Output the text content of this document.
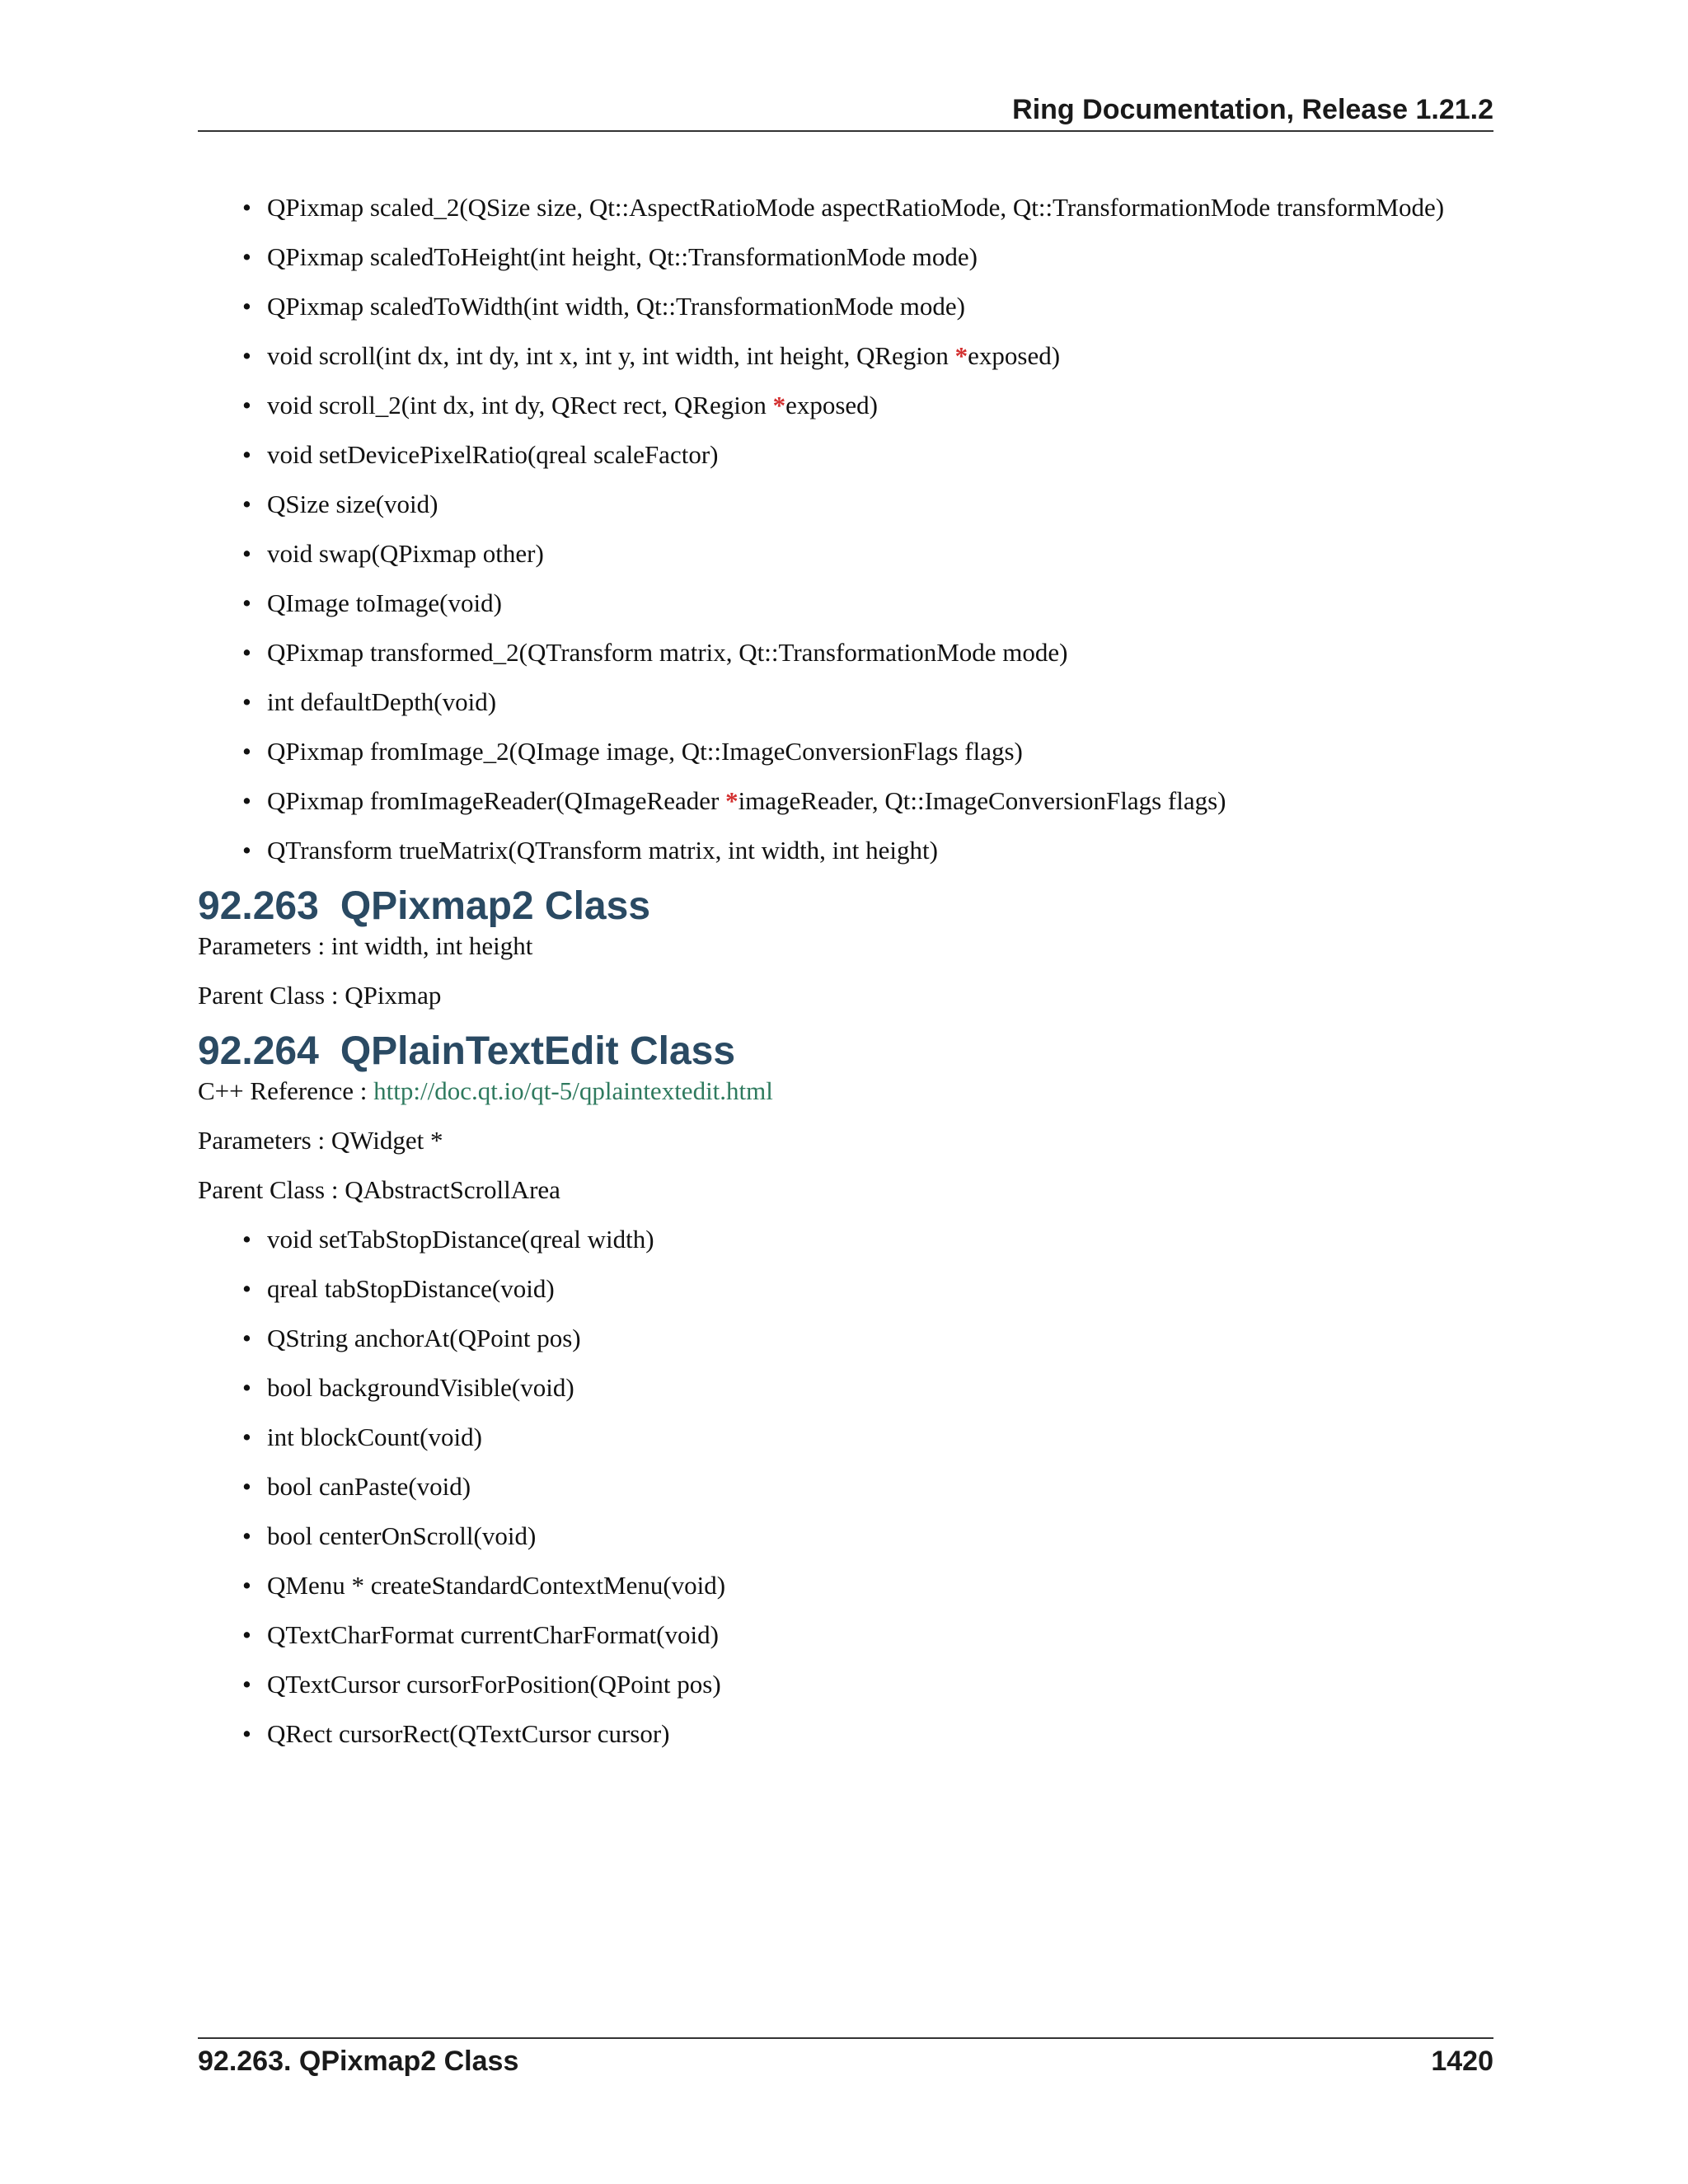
Ring Documentation, Release 1.21.2
• QPixmap scaled_2(QSize size, Qt::AspectRatioMode aspectRatioMode, Qt::TransformationMode transformMode)
• QPixmap scaledToHeight(int height, Qt::TransformationMode mode)
• QPixmap scaledToWidth(int width, Qt::TransformationMode mode)
• void scroll(int dx, int dy, int x, int y, int width, int height, QRegion *exposed)
• void scroll_2(int dx, int dy, QRect rect, QRegion *exposed)
• void setDevicePixelRatio(qreal scaleFactor)
• QSize size(void)
• void swap(QPixmap other)
• QImage toImage(void)
• QPixmap transformed_2(QTransform matrix, Qt::TransformationMode mode)
• int defaultDepth(void)
• QPixmap fromImage_2(QImage image, Qt::ImageConversionFlags flags)
• QPixmap fromImageReader(QImageReader *imageReader, Qt::ImageConversionFlags flags)
• QTransform trueMatrix(QTransform matrix, int width, int height)
92.263 QPixmap2 Class
Parameters : int width, int height
Parent Class : QPixmap
92.264 QPlainTextEdit Class
C++ Reference : http://doc.qt.io/qt-5/qplaintextedit.html
Parameters : QWidget *
Parent Class : QAbstractScrollArea
• void setTabStopDistance(qreal width)
• qreal tabStopDistance(void)
• QString anchorAt(QPoint pos)
• bool backgroundVisible(void)
• int blockCount(void)
• bool canPaste(void)
• bool centerOnScroll(void)
• QMenu * createStandardContextMenu(void)
• QTextCharFormat currentCharFormat(void)
• QTextCursor cursorForPosition(QPoint pos)
• QRect cursorRect(QTextCursor cursor)
92.263. QPixmap2 Class	1420
